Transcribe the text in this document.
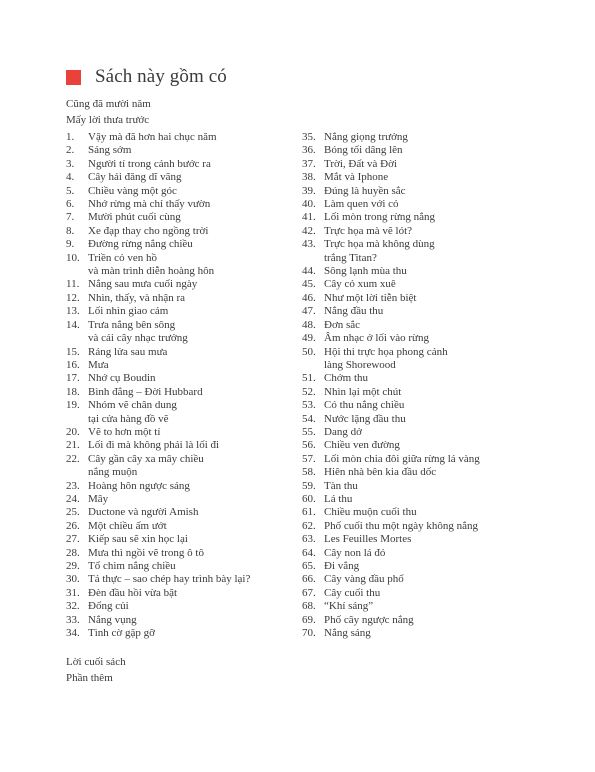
Sách này gồm có
Cũng đã mười năm
Mấy lời thưa trước
1.	Vậy mà đã hơn hai chục năm
2.	Sáng sớm
3.	Người tí trong cảnh bước ra
4.	Cây hải đăng dĩ vãng
5.	Chiều vàng một góc
6.	Nhớ rừng mà chỉ thấy vườn
7.	Mười phút cuối cùng
8.	Xe đạp thay cho ngồng trời
9.	Đường rừng nắng chiều
10. Triền cỏ ven hồ
và màn trình diễn hoàng hôn
11. Nắng sau mưa cuối ngày
12. Nhìn, thấy, và nhận ra
13. Lối nhìn giao cảm
14. Trưa nắng bên sông
và cái cây nhạc trưởng
15. Ráng lửa sau mưa
16. Mưa
17. Nhớ cụ Boudin
18. Bình đẳng – Đời Hubbard
19. Nhóm vẽ chân dung
tại cửa hàng đồ vẽ
20. Vẽ to hơn một tí
21. Lối đi mà không phải là lối đi
22. Cây gần cây xa mây chiều
nắng muộn
23. Hoàng hôn ngược sáng
24. Mây
25. Ductone và người Amish
26. Một chiều ấm ướt
27. Kiếp sau sẽ xin học lại
28. Mưa thì ngồi vẽ trong ô tô
29. Tổ chim nắng chiều
30. Tả thực – sao chép hay trình bày lại?
31. Đèn đầu hồi vừa bật
32. Đống củi
33. Nắng vụng
34. Tình cờ gặp gỡ
35. Nắng giọng trưởng
36. Bóng tối dâng lên
37. Trời, Đất và Đời
38. Mắt và Iphone
39. Đúng là huyền sắc
40. Làm quen với cỏ
41. Lối mòn trong rừng nắng
42. Trực họa mà vẽ lót?
43. Trực họa mà không dùng
trắng Titan?
44. Sông lạnh mùa thu
45. Cây cỏ xum xuê
46. Như một lời tiễn biệt
47. Nắng đầu thu
48. Đơn sắc
49. Âm nhạc ở lối vào rừng
50. Hội thi trực họa phong cảnh
làng Shorewood
51. Chớm thu
52. Nhìn lại một chút
53. Có thu nắng chiều
54. Nước lặng đầu thu
55. Dang dở
56. Chiều ven đường
57. Lối mòn chia đôi giữa rừng lá vàng
58. Hiên nhà bên kia đầu dốc
59. Tàn thu
60. Lá thu
61. Chiều muộn cuối thu
62. Phố cuối thu một ngày không nắng
63. Les Feuilles Mortes
64. Cây non lá đỏ
65. Đi vắng
66. Cây vàng đầu phố
67. Cây cuối thu
68. “Khí sáng”
69. Phố cây ngược nắng
70. Nắng sáng
Lời cuối sách
Phần thêm
